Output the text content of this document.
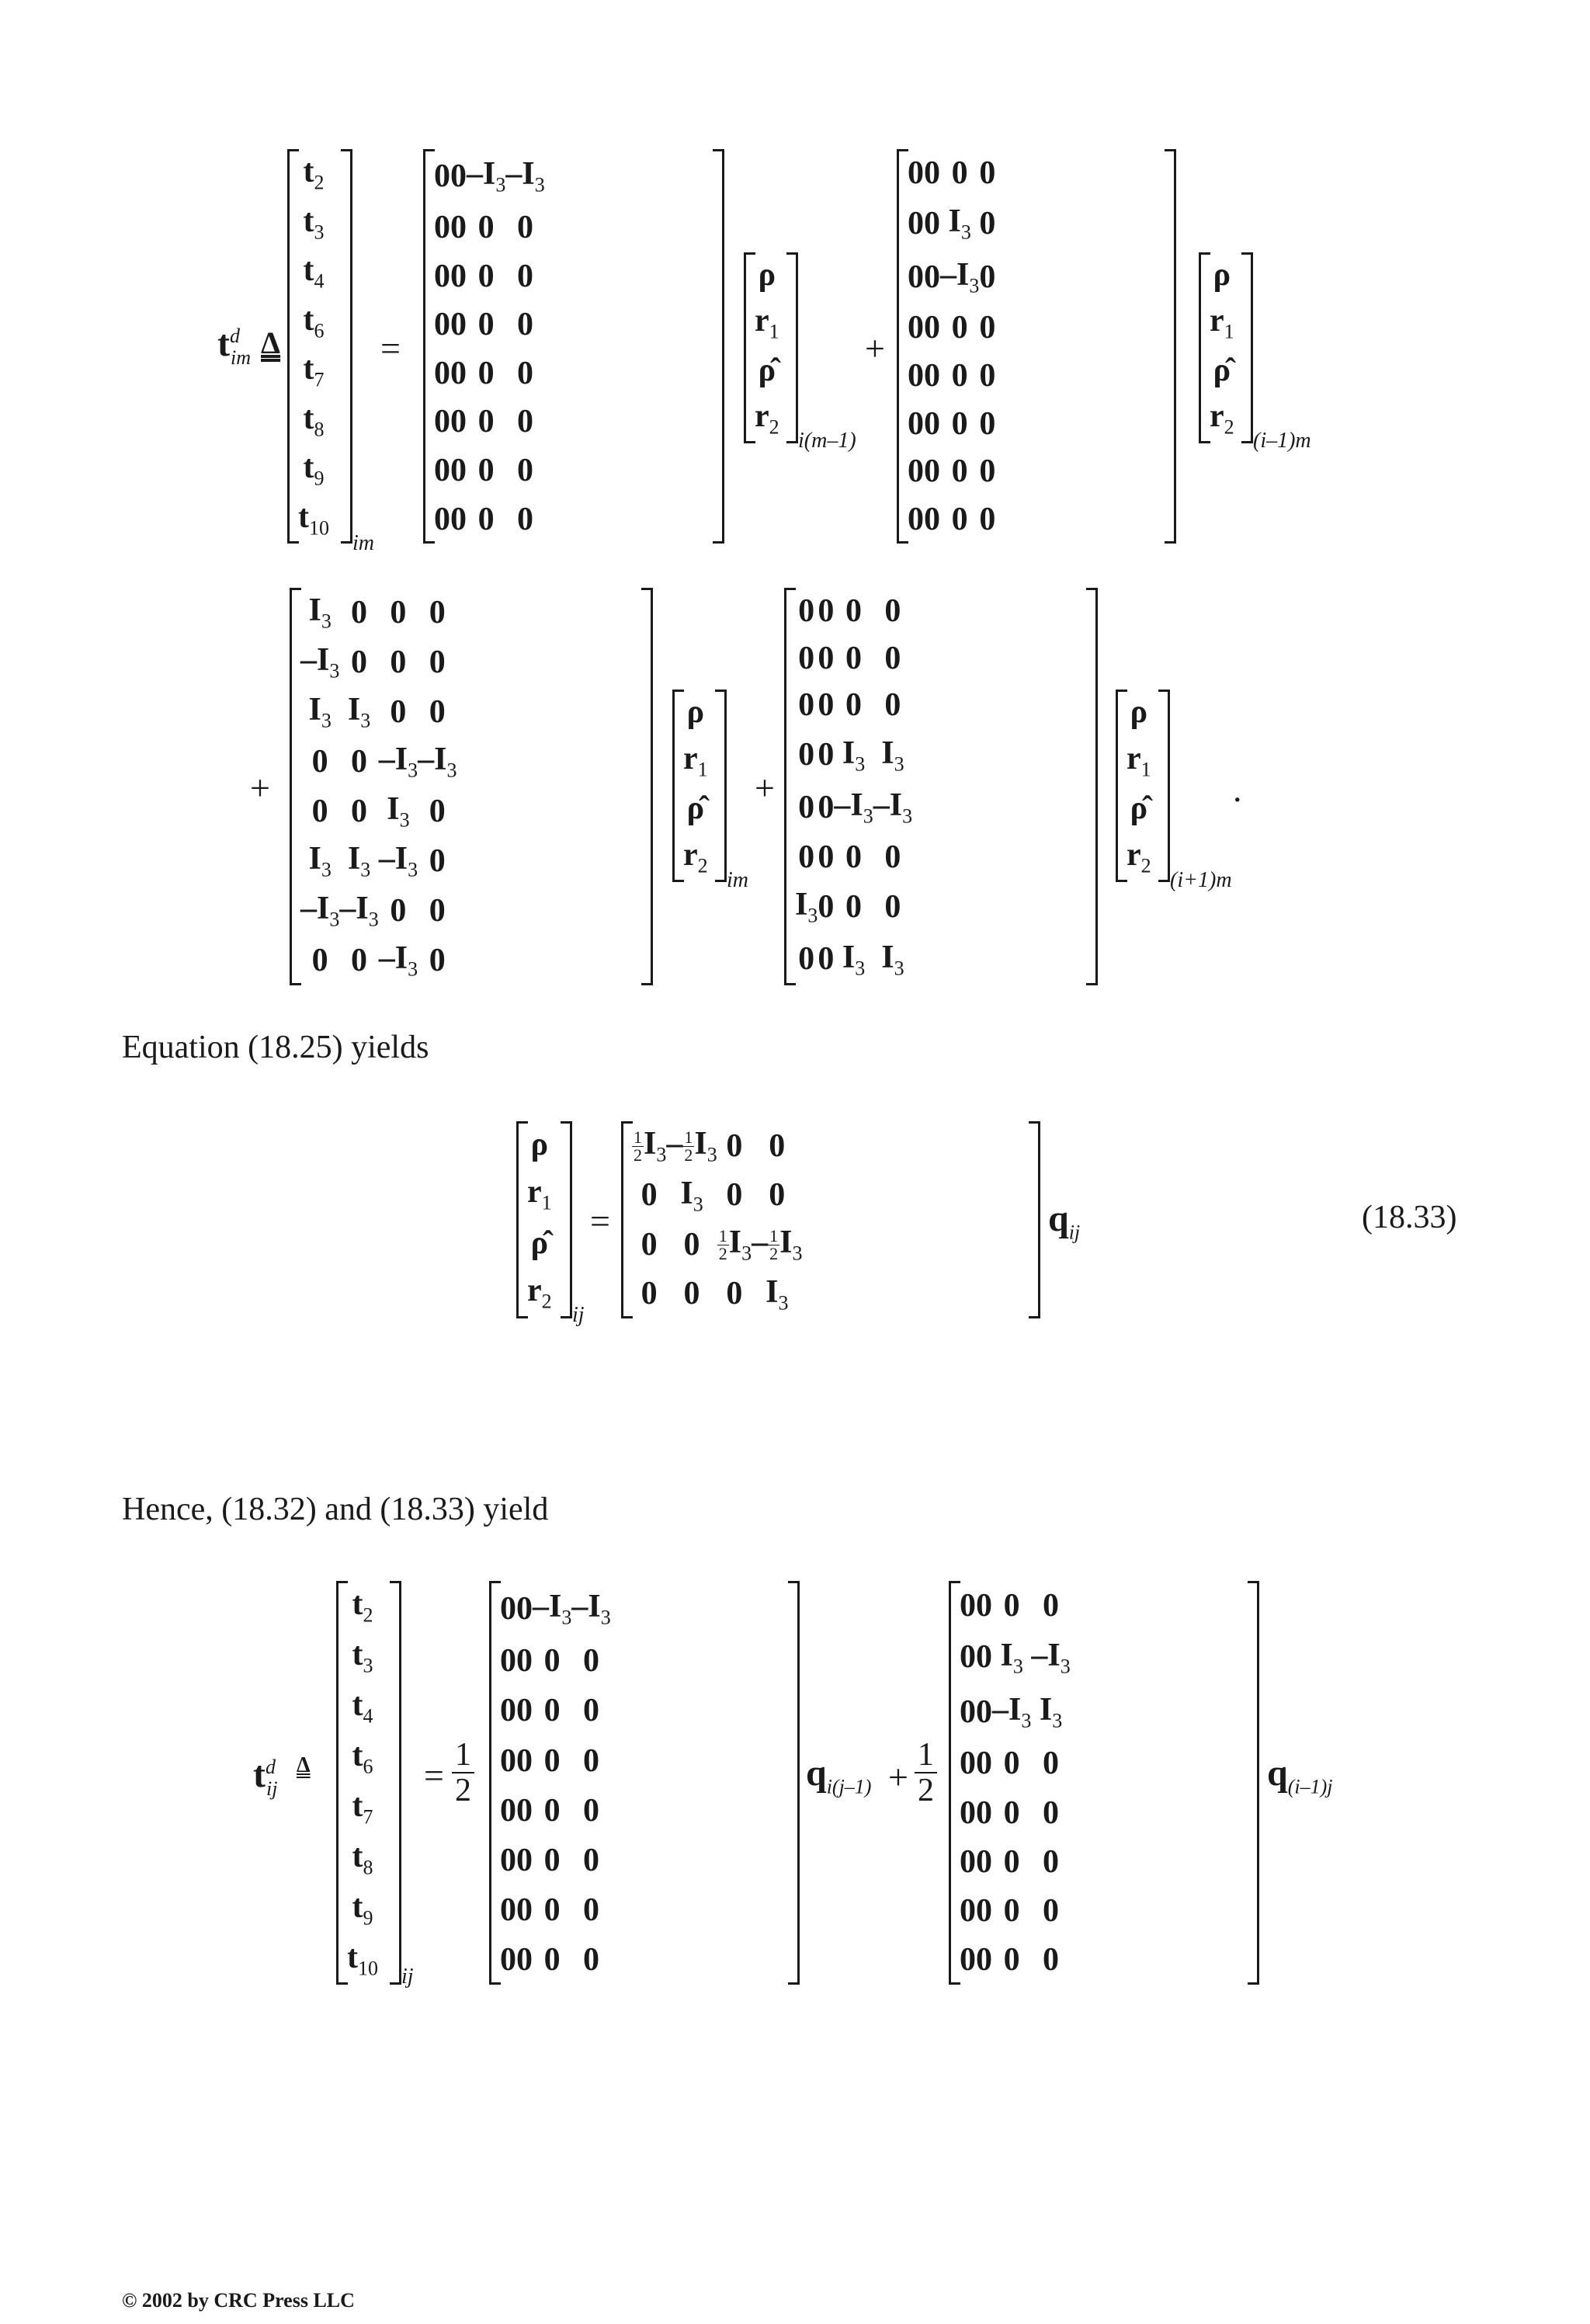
$t^d_{im}$ Δ
$t_2$
$t_3$
$t_4$
$t_6$
$t_7$
$t_8$
$t_9$
$t_{10}$
im
=
0	0	$-I_3$	$-I_3$
0	0	0	0
0	0	0	0
0	0	0	0
0	0	0	0
0	0	0	0
0	0	0	0
0	0	0	0
ρ
$r_1$
ρ̂
$r_2$
i(m–1)
+
0	0	0	0
0	0	$I_3$	0
0	0	$-I_3$	0
0	0	0	0
0	0	0	0
0	0	0	0
0	0	0	0
0	0	0	0
ρ
$r_1$
ρ̂
$r_2$
(i–1)m
+
$I_3$	0	0	0
$-I_3$	0	0	0
$I_3$	$I_3$	0	0
0	0	$-I_3$	$-I_3$
0	0	$I_3$	0
$I_3$	$I_3$	$-I_3$	0
$-I_3$	$-I_3$	0	0
0	0	$-I_3$	0
ρ
$r_1$
ρ̂
$r_2$
im
+
0	0	0	0
0	0	0	0
0	0	0	0
0	0	$I_3$	$I_3$
0	0	$-I_3$	$-I_3$
0	0	0	0
$I_3$	0	0	0
0	0	$I_3$	$I_3$
ρ
$r_1$
ρ̂
$r_2$
(i+1)m
.
Equation (18.25) yields
ρ
$r_1$
ρ̂
$r_2$
ij
=
$\frac{1}{2}I_3$	– $\frac{1}{2}I_3$	0	0
0	$I_3$	0	0
0	0	$\frac{1}{2}I_3$	– $\frac{1}{2}I_3$
0	0	0	$I_3$
$q_{ij}$	(18.33)
Hence, (18.32) and (18.33) yield
$t^d_{ij}$
Δ
$t_2$
$t_3$
$t_4$
$t_6$
$t_7$
$t_8$
$t_9$
$t_{10}$ ij
= $\frac{1}{2}$
0	0	$-I_3$	$-I_3$
0	0	0	0
0	0	0	0
0	0	0	0
0	0	0	0
0	0	0	0
0	0	0	0
0	0	0	0
$q_{i(j-1)} + \frac{1}{2}$
0	0	0	0
0	0	$I_3$	$-I_3$
0	0	$-I_3$	$I_3$
0	0	0	0
0	0	0	0
0	0	0	0
0	0	0	0
0	0	0	0
$q_{(i-1)j}$
© 2002 by CRC Press LLC
